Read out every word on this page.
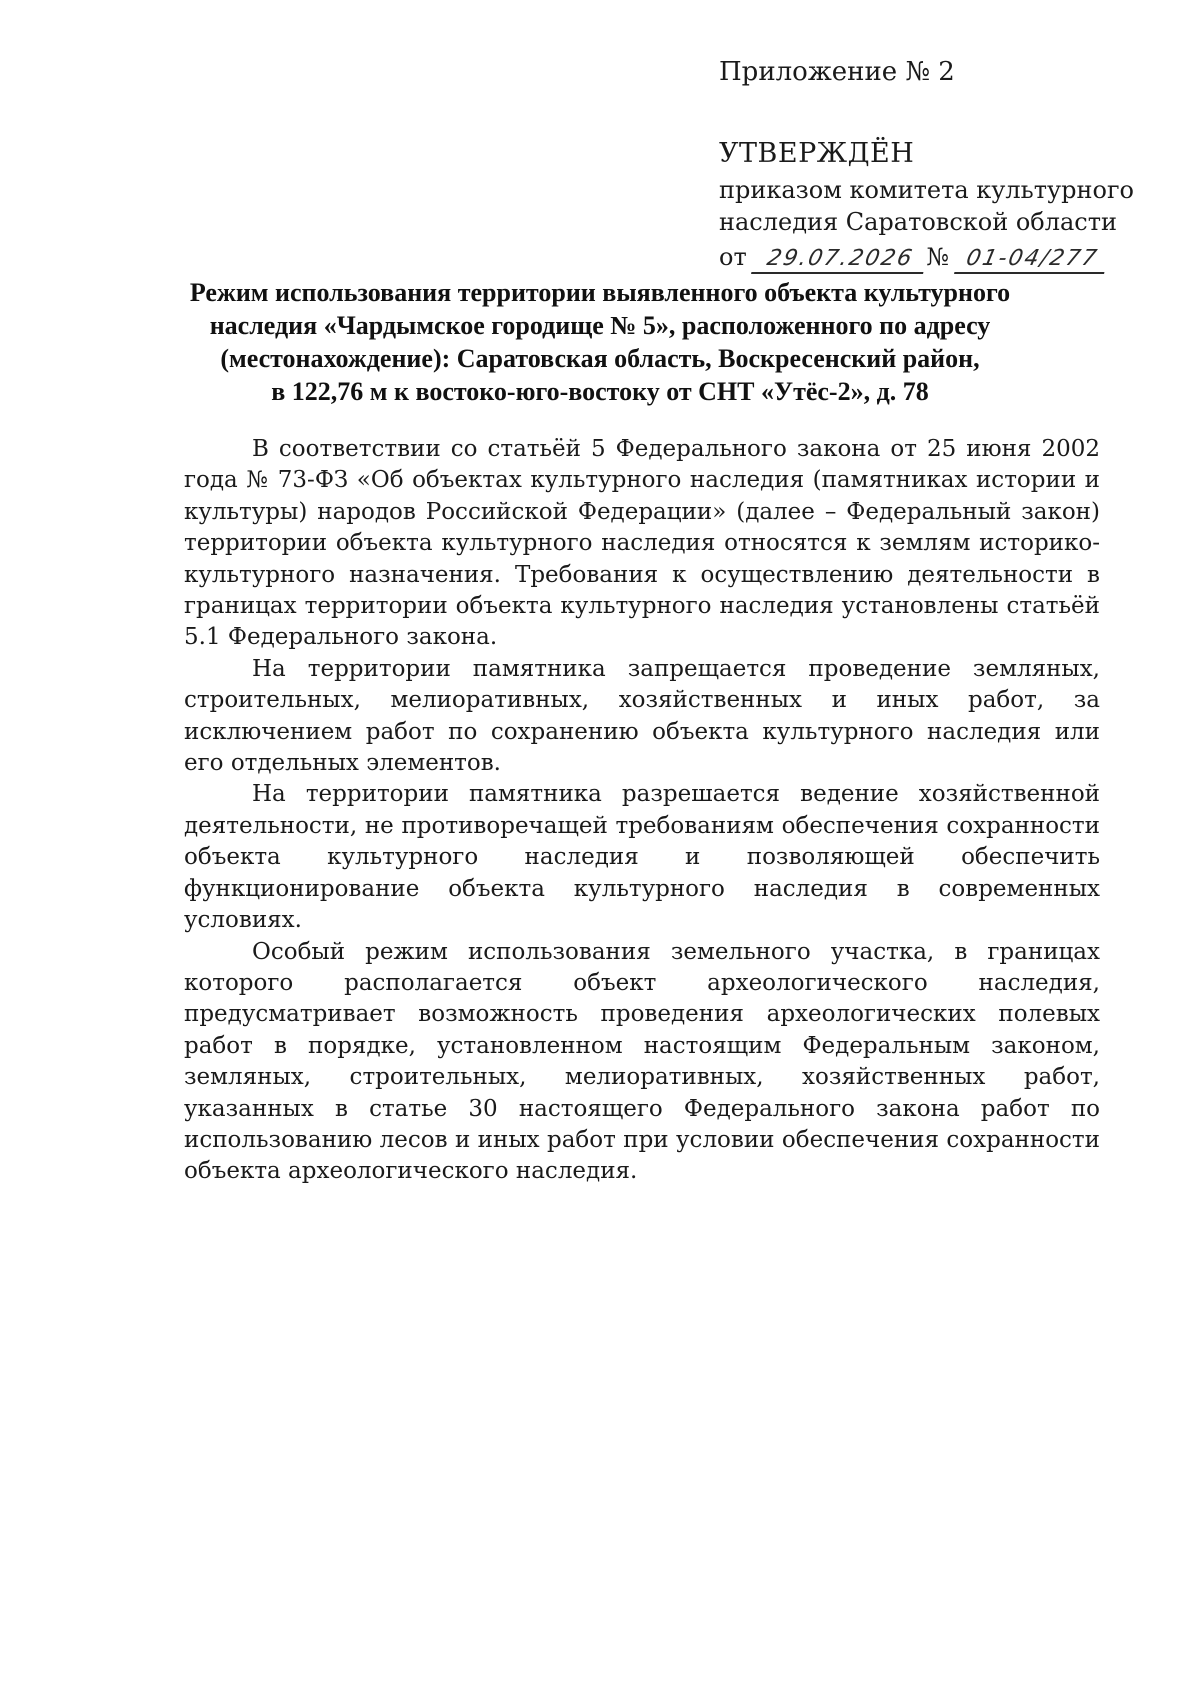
Приложение № 2
УТВЕРЖДЁН
приказом комитета культурного
наследия Саратовской области
от 29.07.2026 № 01-04/277
Режим использования территории выявленного объекта культурного
наследия «Чардымское городище № 5», расположенного по адресу
(местонахождение): Саратовская область, Воскресенский район,
в 122,76 м к востоко-юго-востоку от СНТ «Утёс-2», д. 78

В соответствии со статьёй 5 Федерального закона от 25 июня 2002 года № 73-ФЗ «Об объектах культурного наследия (памятниках истории и культуры) народов Российской Федерации» (далее – Федеральный закон) территории объекта культурного наследия относятся к землям историко-культурного назначения. Требования к осуществлению деятельности в границах территории объекта культурного наследия установлены статьёй 5.1 Федерального закона.

На территории памятника запрещается проведение земляных, строительных, мелиоративных, хозяйственных и иных работ, за исключением работ по сохранению объекта культурного наследия или его отдельных элементов.

На территории памятника разрешается ведение хозяйственной деятельности, не противоречащей требованиям обеспечения сохранности объекта культурного наследия и позволяющей обеспечить функционирование объекта культурного наследия в современных условиях.

Особый режим использования земельного участка, в границах которого располагается объект археологического наследия, предусматривает возможность проведения археологических полевых работ в порядке, установленном настоящим Федеральным законом, земляных, строительных, мелиоративных, хозяйственных работ, указанных в статье 30 настоящего Федерального закона работ по использованию лесов и иных работ при условии обеспечения сохранности объекта археологического наследия.
